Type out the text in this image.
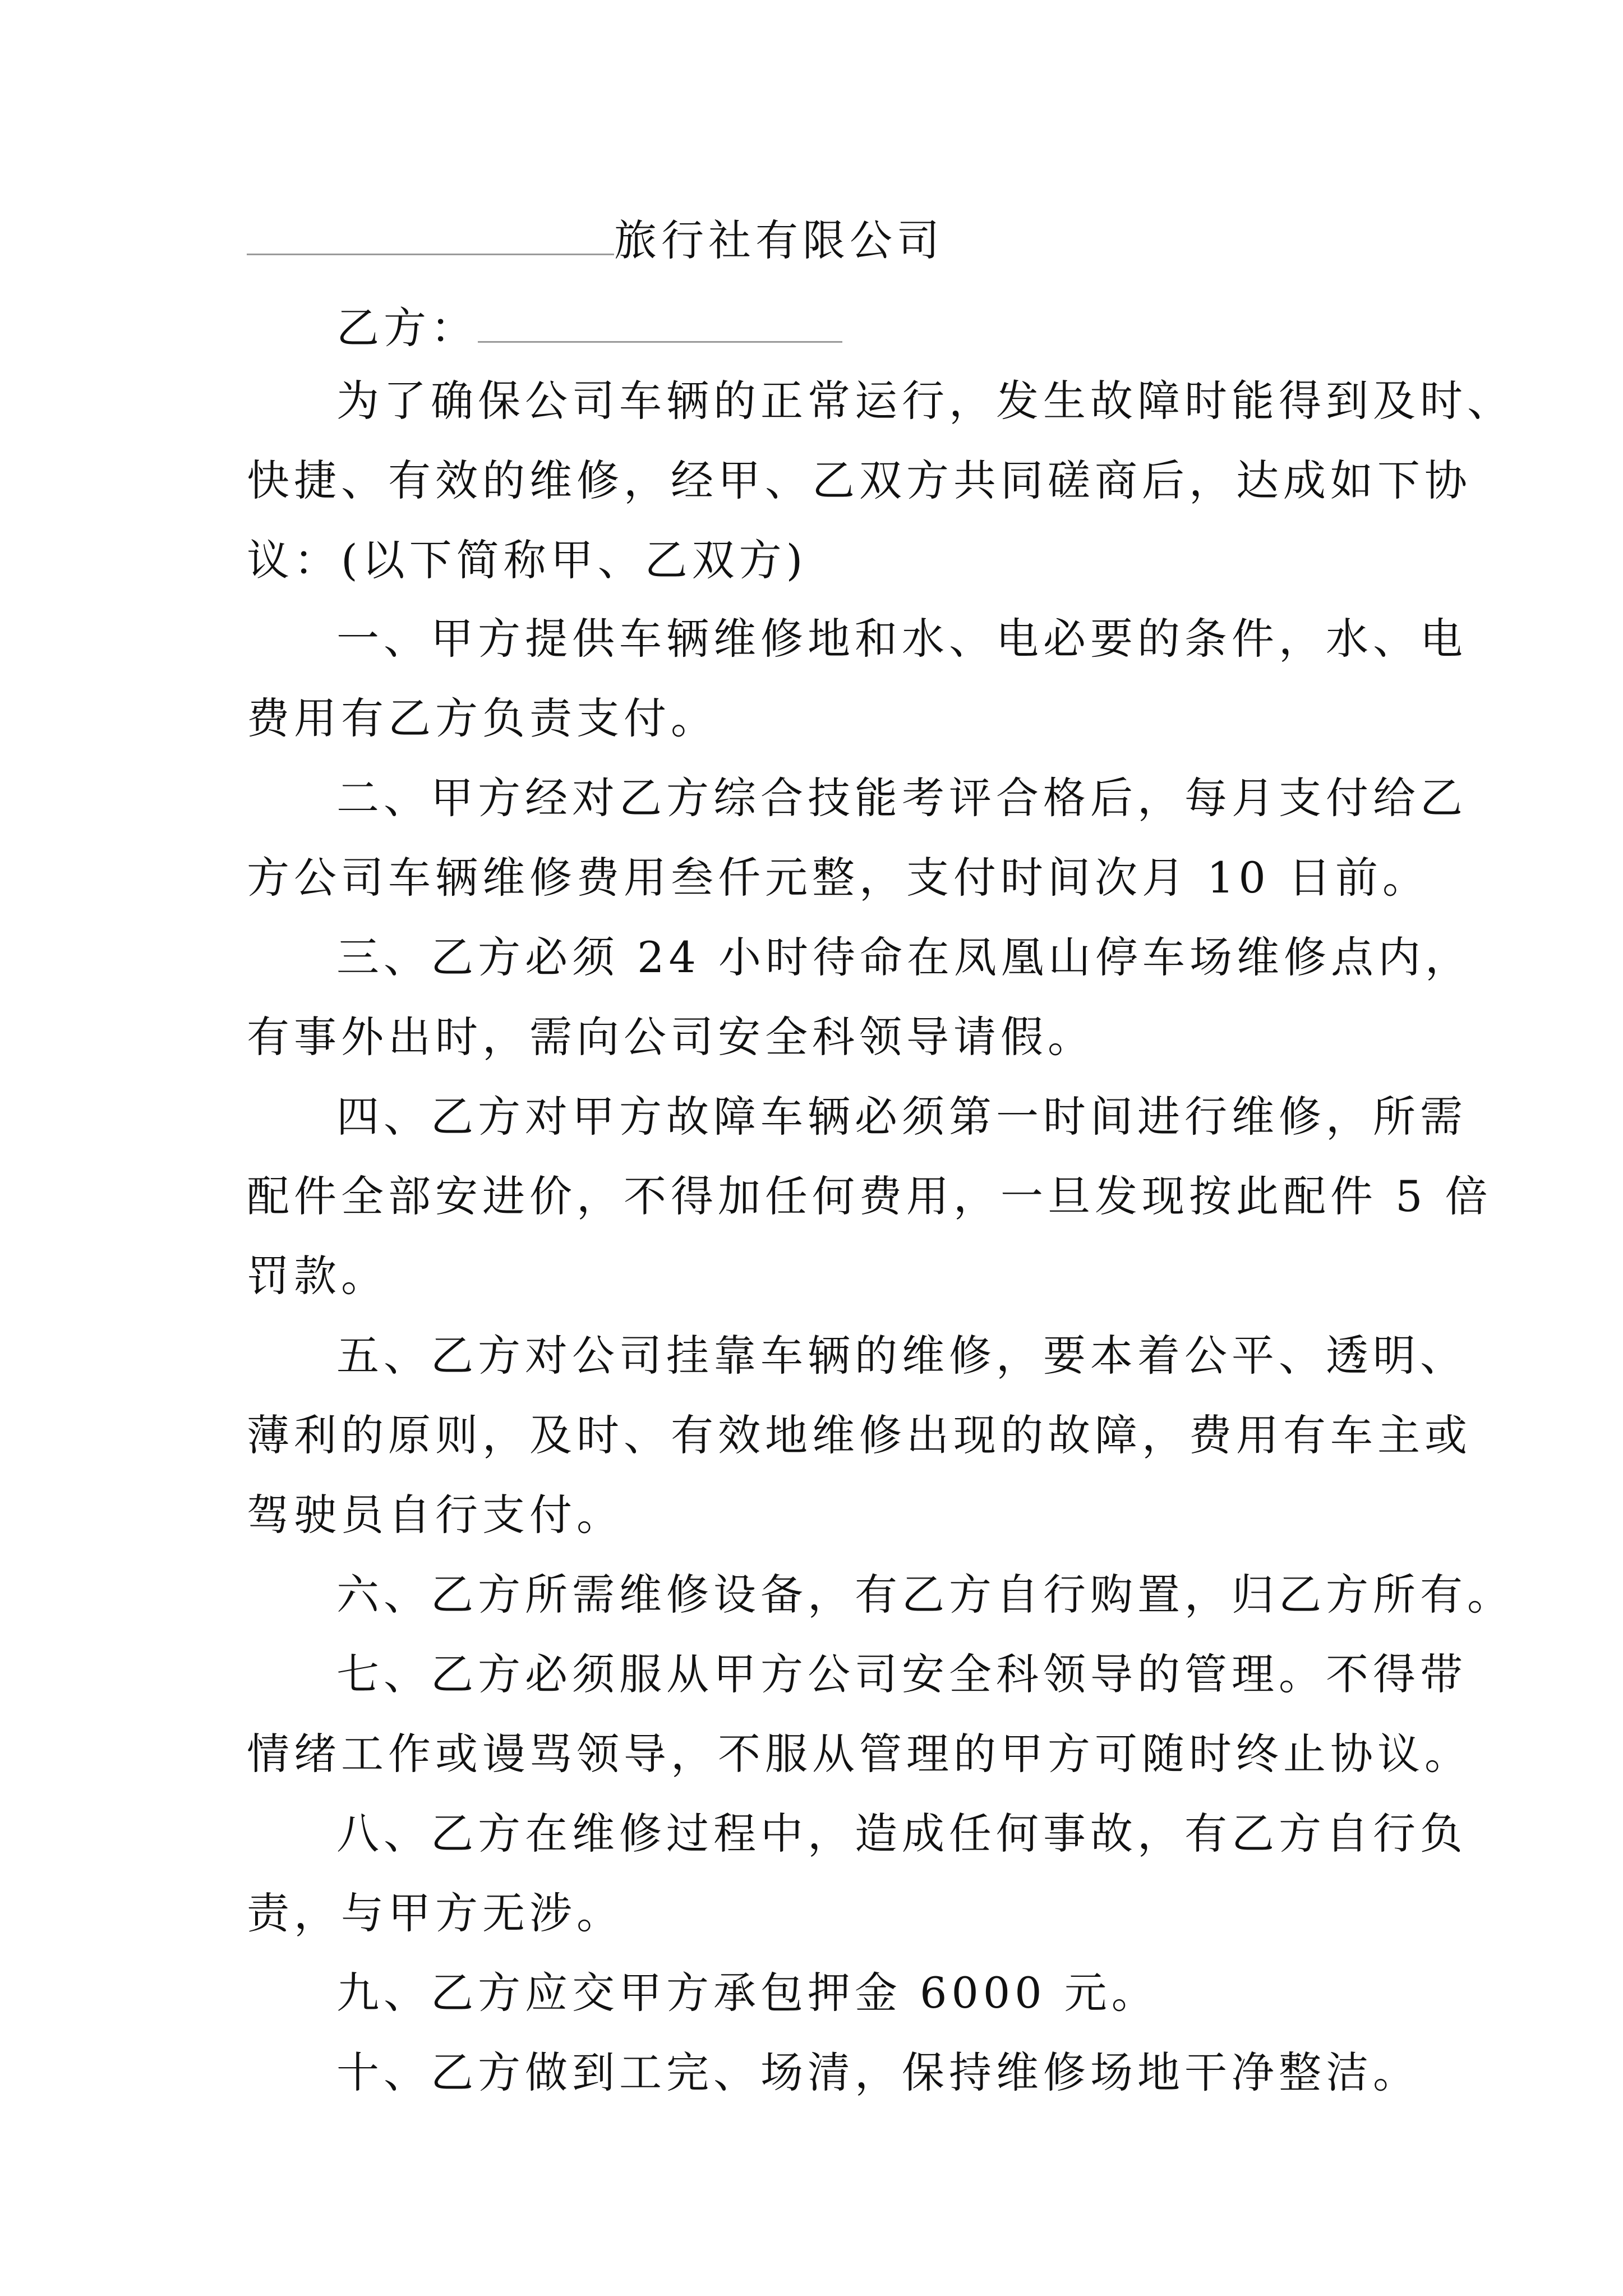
旅行社有限公司
乙方：
为了确保公司车辆的正常运行，发生故障时能得到及时、
快捷、有效的维修，经甲、乙双方共同磋商后，达成如下协
议：(以下简称甲、乙双方)
一、甲方提供车辆维修地和水、电必要的条件，水、电
费用有乙方负责支付。
二、甲方经对乙方综合技能考评合格后，每月支付给乙
方公司车辆维修费用叁仟元整，支付时间次月 10 日前。
三、乙方必须 24 小时待命在凤凰山停车场维修点内，
有事外出时，需向公司安全科领导请假。
四、乙方对甲方故障车辆必须第一时间进行维修，所需
配件全部安进价，不得加任何费用，一旦发现按此配件 5 倍
罚款。
五、乙方对公司挂靠车辆的维修，要本着公平、透明、
薄利的原则，及时、有效地维修出现的故障，费用有车主或
驾驶员自行支付。
六、乙方所需维修设备，有乙方自行购置，归乙方所有。
七、乙方必须服从甲方公司安全科领导的管理。不得带
情绪工作或谩骂领导，不服从管理的甲方可随时终止协议。
八、乙方在维修过程中，造成任何事故，有乙方自行负
责，与甲方无涉。
九、乙方应交甲方承包押金 6000 元。
十、乙方做到工完、场清，保持维修场地干净整洁。
